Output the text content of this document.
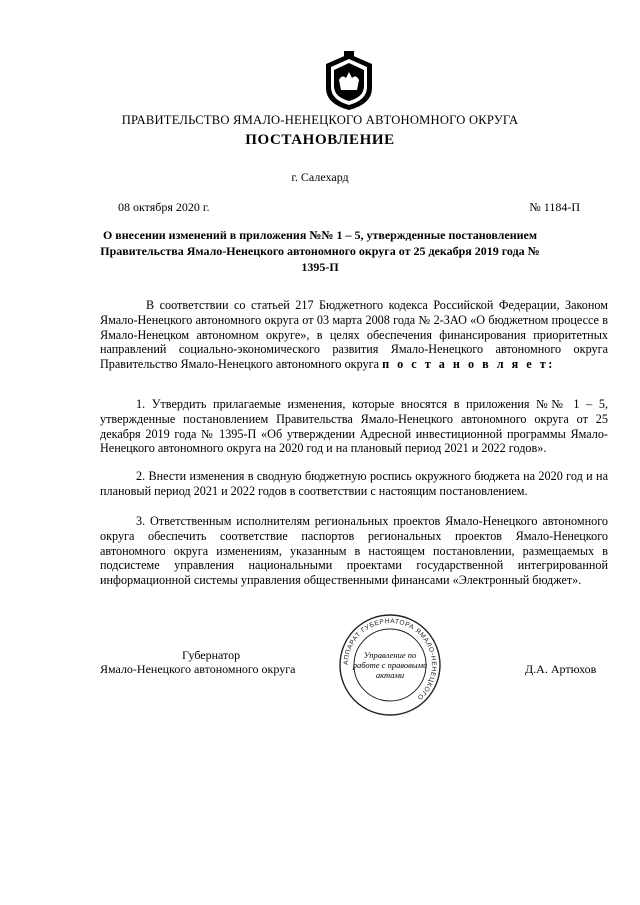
ПРАВИТЕЛЬСТВО ЯМАЛО-НЕНЕЦКОГО АВТОНОМНОГО ОКРУГА
ПОСТАНОВЛЕНИЕ
г. Салехард
08 октября 2020 г.	№ 1184-П
О внесении изменений в приложения №№ 1 – 5, утвержденные постановлением Правительства Ямало-Ненецкого автономного округа от 25 декабря 2019 года № 1395-П
В соответствии со статьей 217 Бюджетного кодекса Российской Федерации, Законом Ямало-Ненецкого автономного округа от 03 марта 2008 года № 2-ЗАО «О бюджетном процессе в Ямало-Ненецком автономном округе», в целях обеспечения финансирования приоритетных направлений социально-экономического развития Ямало-Ненецкого автономного округа Правительство Ямало-Ненецкого автономного округа п о с т а н о в л я е т:
1. Утвердить прилагаемые изменения, которые вносятся в приложения №№ 1 – 5, утвержденные постановлением Правительства Ямало-Ненецкого автономного округа от 25 декабря 2019 года № 1395-П «Об утверждении Адресной инвестиционной программы Ямало-Ненецкого автономного округа на 2020 год и на плановый период 2021 и 2022 годов».
2. Внести изменения в сводную бюджетную роспись окружного бюджета на 2020 год и на плановый период 2021 и 2022 годов в соответствии с настоящим постановлением.
3. Ответственным исполнителям региональных проектов Ямало-Ненецкого автономного округа обеспечить соответствие паспортов региональных проектов Ямало-Ненецкого автономного округа изменениям, указанным в настоящем постановлении, размещаемых в подсистеме управления национальными проектами государственной интегрированной информационной системы управления общественными финансами «Электронный бюджет».
АППАРАТ ГУБЕРНАТОРА ЯМАЛО-НЕНЕЦКОГО
Управление по работе с правовыми актами
Губернатор
Ямало-Ненецкого автономного округа	Д.А. Артюхов
